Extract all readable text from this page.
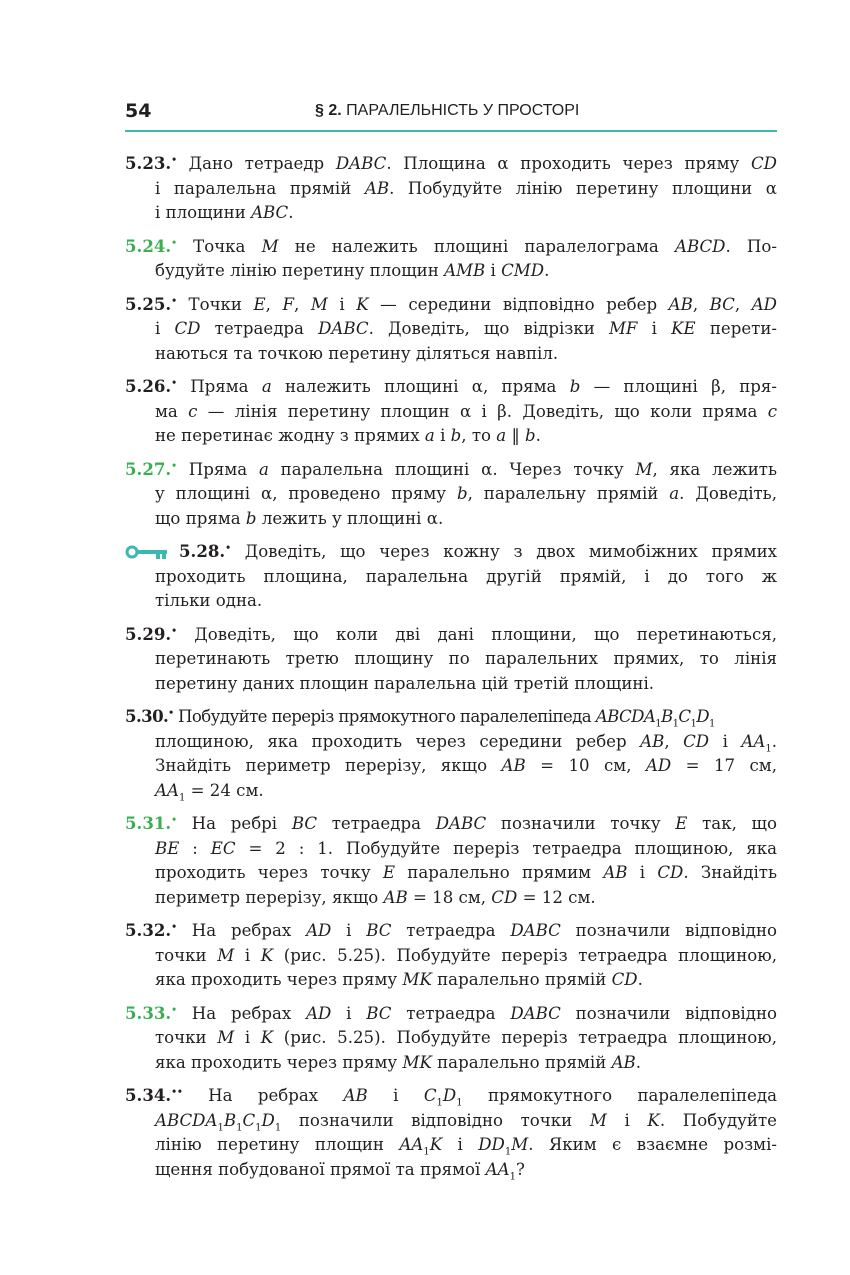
54	§ 2. ПАРАЛЕЛЬНІСТЬ У ПРОСТОРІ
5.23.• Дано тетраедр DABC. Площина α проходить через пряму CD
і паралельна прямій AB. Побудуйте лінію перетину площини α
і площини ABC.
5.24.• Точка M не належить площині паралелограма ABCD. По-
будуйте лінію перетину площин AMB і CMD.
5.25.• Точки E, F, M і K — середини відповідно ребер AB, BC, AD
і CD тетраедра DABC. Доведіть, що відрізки MF і KE перети-
наються та точкою перетину діляться навпіл.
5.26.• Пряма a належить площині α, пряма b — площині β, пря-
ма c — лінія перетину площин α і β. Доведіть, що коли пряма c
не перетинає жодну з прямих a і b, то a ‖ b.
5.27.• Пряма a паралельна площині α. Через точку M, яка лежить
у площині α, проведено пряму b, паралельну прямій a. Доведіть,
що пряма b лежить у площині α.
5.28.• Доведіть, що через кожну з двох мимобіжних прямих
проходить площина, паралельна другій прямій, і до того ж
тільки одна.
5.29.• Доведіть, що коли дві дані площини, що перетинаються,
перетинають третю площину по паралельних прямих, то лінія
перетину даних площин паралельна цій третій площині.
5.30.• Побудуйте переріз прямокутного паралелепіпеда $ABCDA_1B_1C_1D_1$
площиною, яка проходить через середини ребер AB, CD і $AA_1$.
Знайдіть периметр перерізу, якщо AB = 10 см, AD = 17 см,
$AA_1 = 24$ см.
5.31.• На ребрі BC тетраедра DABC позначили точку E так, що
BE : EC = 2 : 1. Побудуйте переріз тетраедра площиною, яка
проходить через точку E паралельно прямим AB і CD. Знайдіть
периметр перерізу, якщо AB = 18 см, CD = 12 см.
5.32.• На ребрах AD і BC тетраедра DABC позначили відповідно
точки M і K (рис. 5.25). Побудуйте переріз тетраедра площиною,
яка проходить через пряму MK паралельно прямій CD.
5.33.• На ребрах AD і BC тетраедра DABC позначили відповідно
точки M і K (рис. 5.25). Побудуйте переріз тетраедра площиною,
яка проходить через пряму MK паралельно прямій AB.
5.34.•• На ребрах AB і $C_1D_1$ прямокутного паралелепіпеда
$ABCDA_1B_1C_1D_1$ позначили відповідно точки M і K. Побудуйте
лінію перетину площин $AA_1K$ і $DD_1M$. Яким є взаємне розмі-
щення побудованої прямої та прямої $AA_1$?
